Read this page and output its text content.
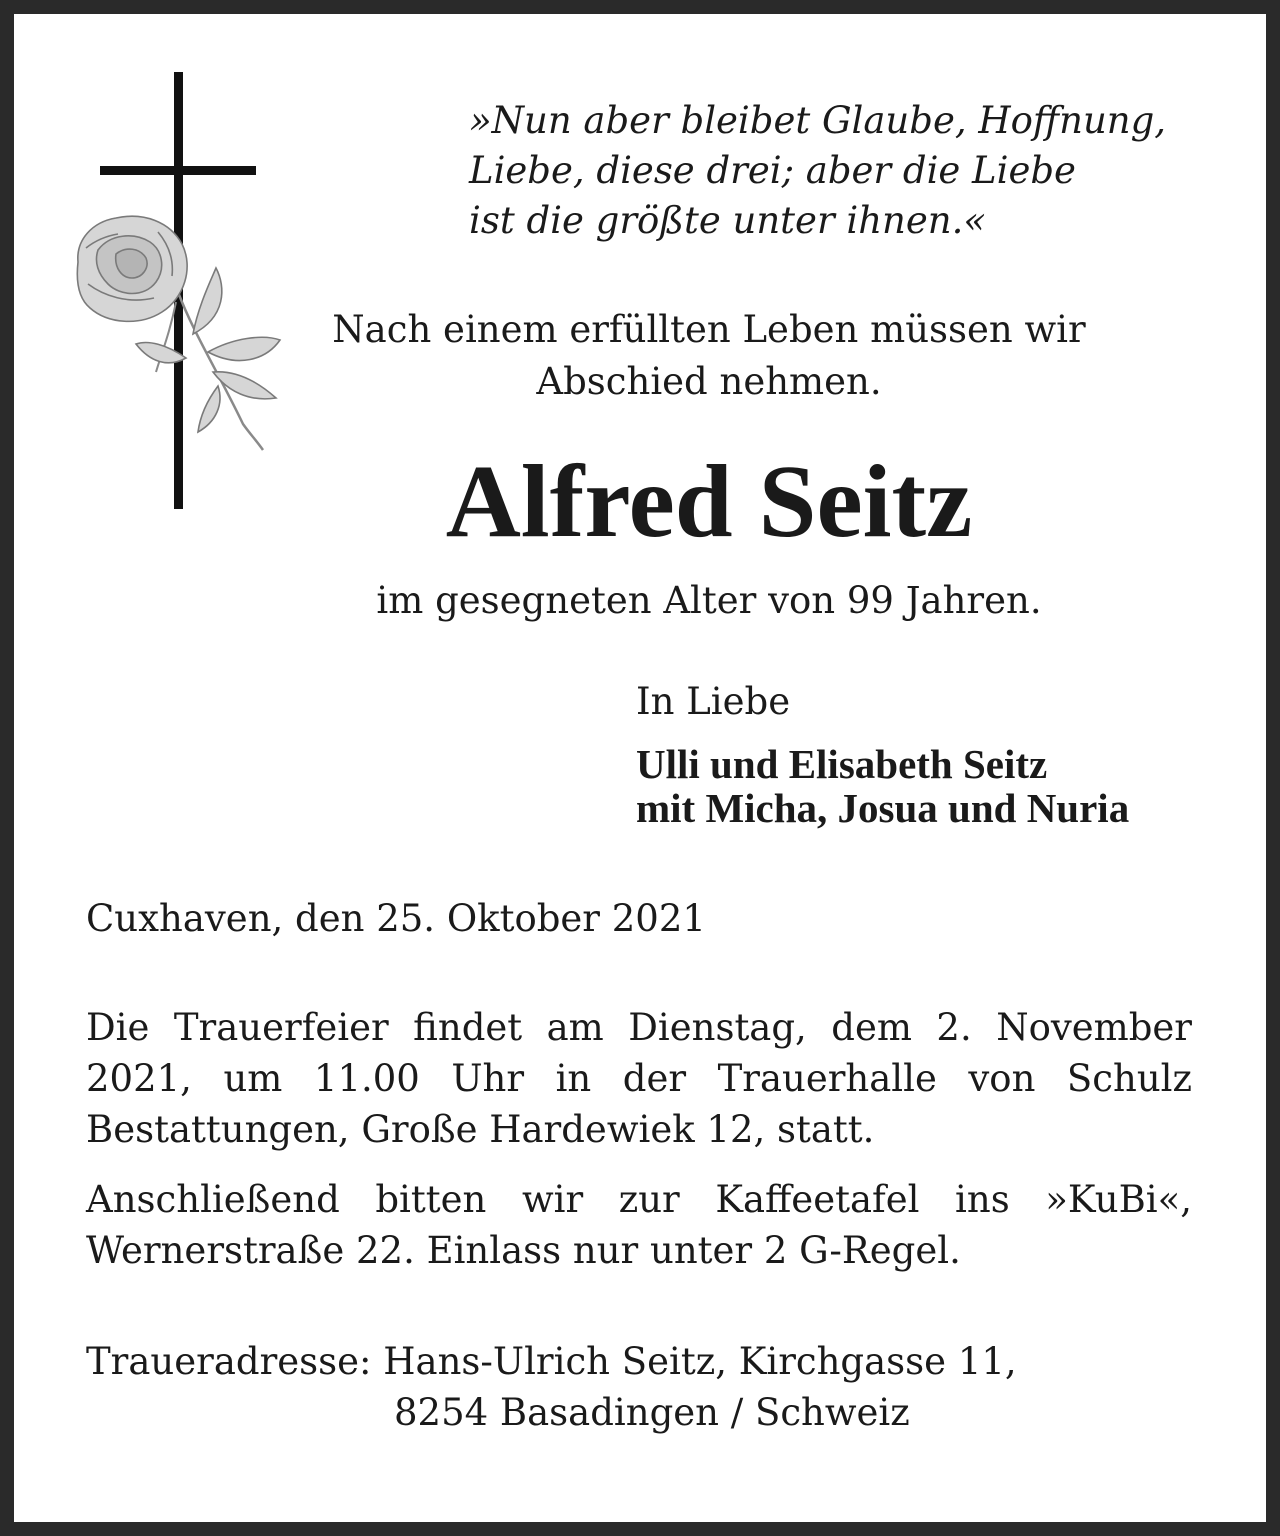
»Nun aber bleibet Glaube, Hoffnung,
Liebe, diese drei; aber die Liebe
ist die größte unter ihnen.«
Nach einem erfüllten Leben müssen wir
Abschied nehmen.
Alfred Seitz
im gesegneten Alter von 99 Jahren.
In Liebe
Ulli und Elisabeth Seitz
mit Micha, Josua und Nuria
Cuxhaven, den 25. Oktober 2021
Die Trauerfeier findet am Dienstag, dem 2. November 2021, um 11.00 Uhr in der Trauerhalle von Schulz Bestattungen, Große Hardewiek 12, statt.
Anschließend bitten wir zur Kaffeetafel ins »KuBi«, Wernerstraße 22. Einlass nur unter 2 G-Regel.
Traueradresse: Hans-Ulrich Seitz, Kirchgasse 11,
8254 Basadingen / Schweiz
